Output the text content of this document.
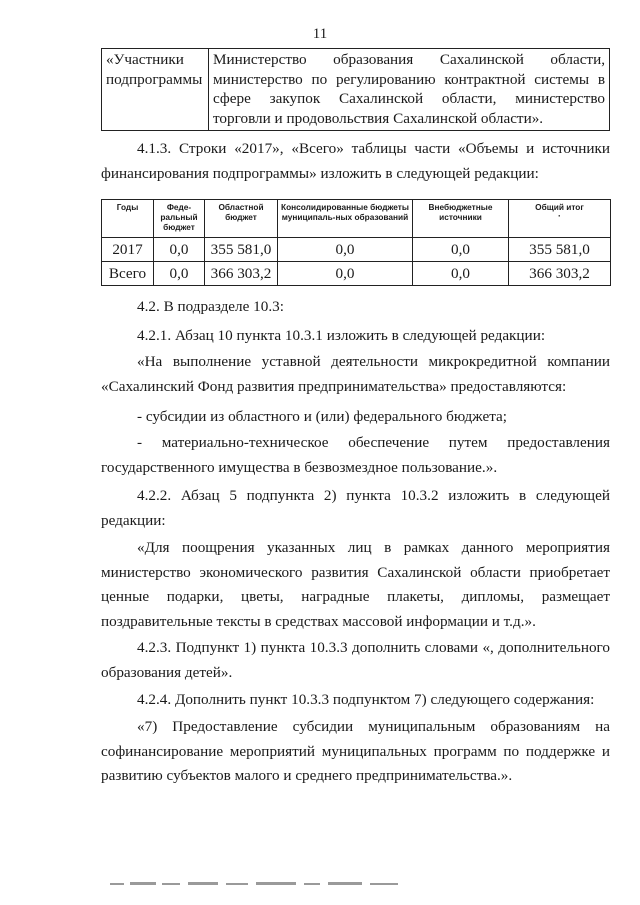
11
«Участники подпрограммы
	Министерство образования Сахалинской области, министерство по регулированию контрактной системы в сфере закупок Сахалинской области, министерство торговли и продовольствия Сахалинской области».

4.1.3. Строки «2017», «Всего» таблицы части «Объемы и источники финансирования подпрограммы» изложить в следующей редакции:

Годы	Феде-ральный бюджет	Областной бюджет	Консолидированные бюджеты муниципаль-ных образований	Внебюджетные источники	Общий итог
·

2017	0,0	355 581,0	0,0	0,0	355 581,0
Всего	0,0	366 303,2	0,0	0,0	366 303,2

4.2. В подразделе 10.3:

4.2.1. Абзац 10 пункта 10.3.1 изложить в следующей редакции:

«На выполнение уставной деятельности микрокредитной компании «Сахалинский Фонд развития предпринимательства» предоставляются:

- субсидии из областного и (или) федерального бюджета;

- материально-техническое обеспечение путем предоставления государственного имущества в безвозмездное пользование.».

4.2.2. Абзац 5 подпункта 2) пункта 10.3.2 изложить в следующей редакции:

«Для поощрения указанных лиц в рамках данного мероприятия министерство экономического развития Сахалинской области приобретает ценные подарки, цветы, наградные плакеты, дипломы, размещает поздравительные тексты в средствах массовой информации и т.д.».

4.2.3. Подпункт 1) пункта 10.3.3 дополнить словами «, дополнительного образования детей».

4.2.4. Дополнить пункт 10.3.3 подпунктом 7) следующего содержания:

«7) Предоставление субсидии муниципальным образованиям на софинансирование мероприятий муниципальных программ по поддержке и развитию субъектов малого и среднего предпринимательства.».
